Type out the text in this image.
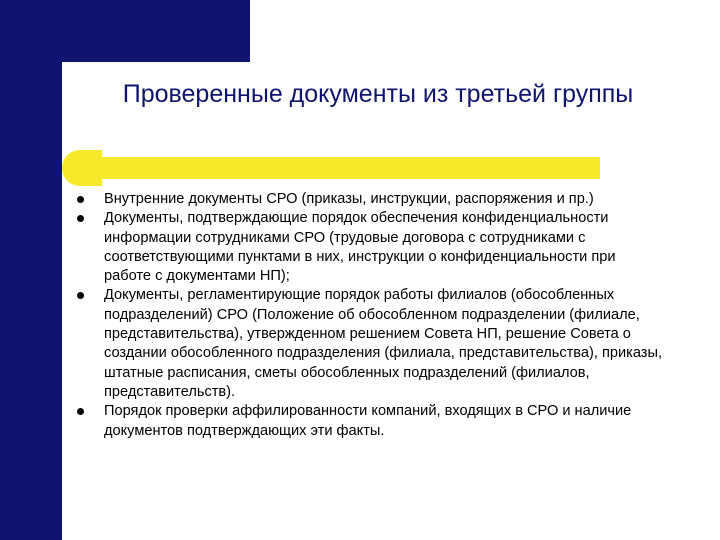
Проверенные документы из третьей группы
Внутренние документы СРО (приказы, инструкции, распоряжения и пр.)
Документы, подтверждающие порядок обеспечения конфиденциальности информации сотрудниками СРО (трудовые договора с сотрудниками с соответствующими пунктами в них, инструкции о конфиденциальности при работе с документами НП);
Документы, регламентирующие порядок работы филиалов (обособленных подразделений) СРО (Положение об обособленном подразделении (филиале, представительства), утвержденном решением Совета НП, решение Совета о создании обособленного подразделения (филиала, представительства), приказы, штатные расписания, сметы обособленных подразделений (филиалов, представительств).
Порядок проверки аффилированности компаний, входящих в СРО и наличие документов подтверждающих эти факты.
